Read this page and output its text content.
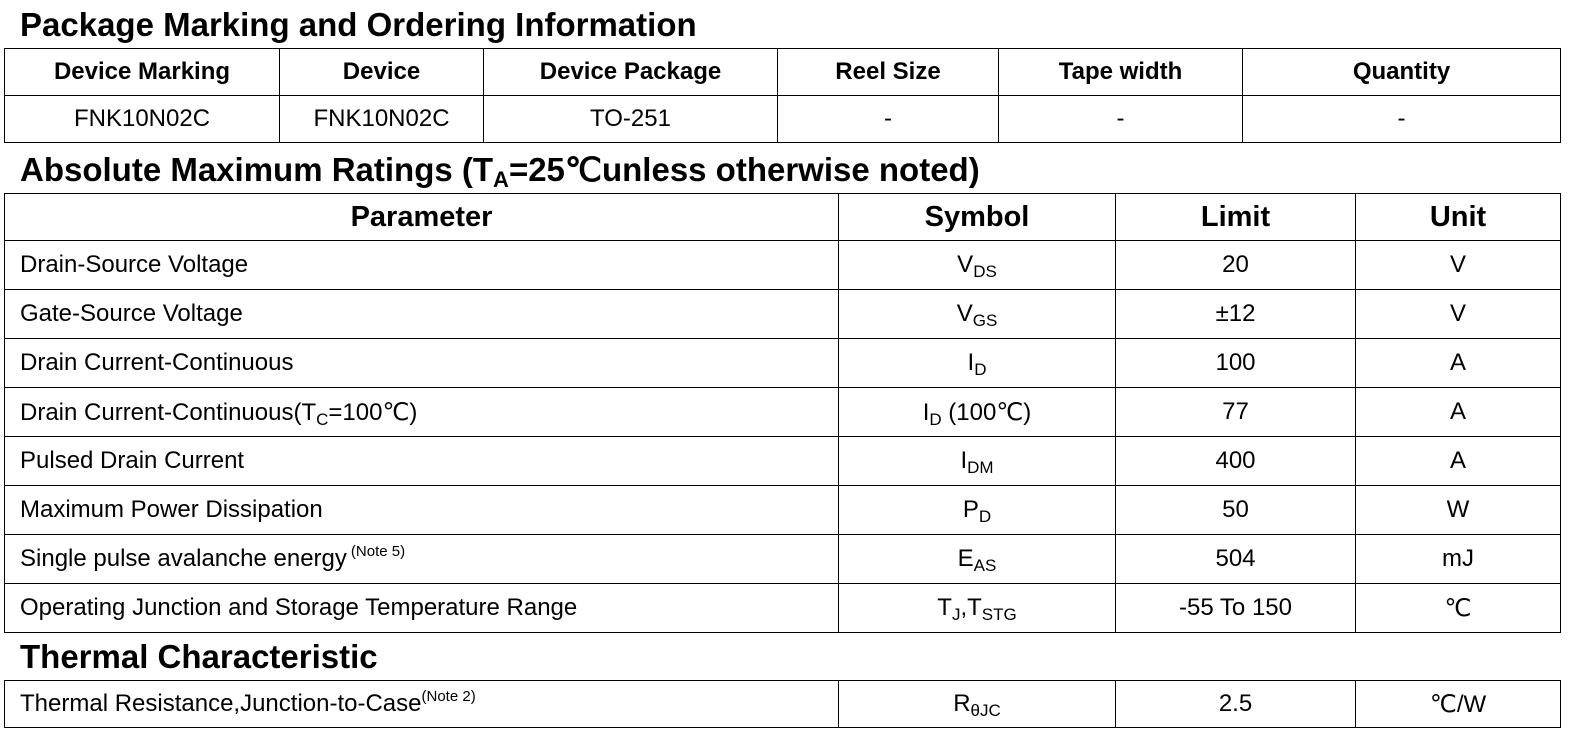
Package Marking and Ordering Information
Device Marking	Device	Device Package	Reel Size	Tape width	Quantity
FNK10N02C	FNK10N02C	TO-251	-	-	-
Absolute Maximum Ratings ($T_A=25℃unless$ otherwise noted)
Parameter	Symbol	Limit	Unit
Drain-Source Voltage	$V_{DS}$	20	V
Gate-Source Voltage	$V_{GS}$	±12	V
Drain Current-Continuous	$I_D$	100	A
Drain Current-$Continuous(T_C=100℃)$	$I_D$ (100℃)	77	A
Pulsed Drain Current	$I_{DM}$	400	A
Maximum Power Dissipation	$P_D$	50	W
Single pulse avalanche energy $^{(Note 5)}$	$E_{AS}$	504	mJ
Operating Junction and Storage Temperature Range	$T_J,T_{STG}$	-55 To 150	℃
Thermal Characteristic
Thermal Resistance,Junction-to-Case$^{(Note 2)}$	$R_{\theta JC}$	2.5	℃/W
